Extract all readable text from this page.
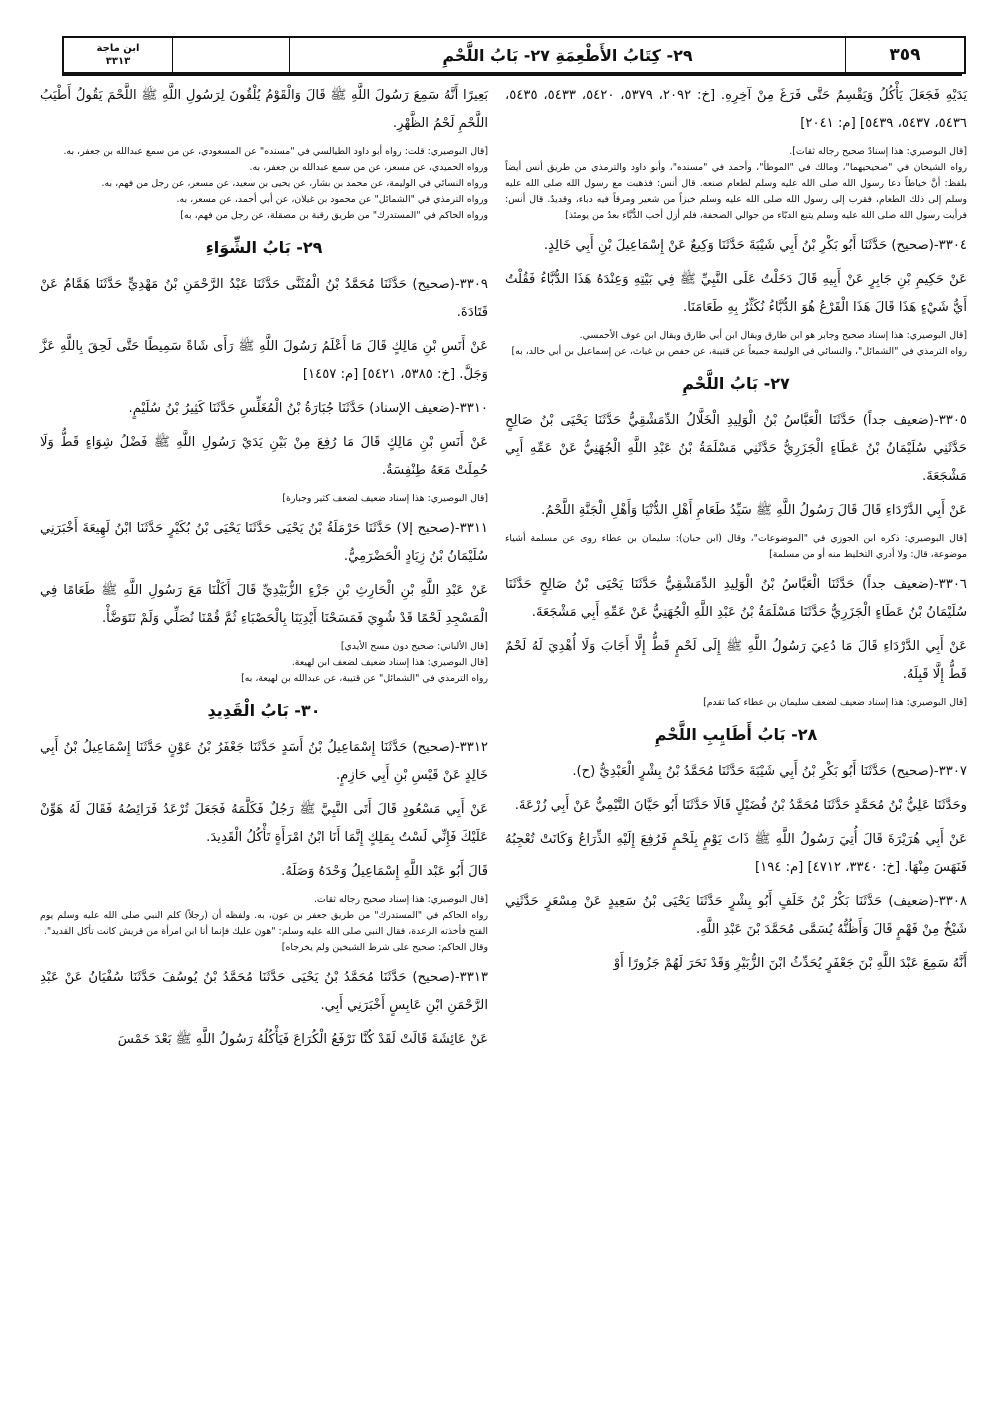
ابن ماجة
٣٣١٣	٢٩- كِتَابُ الأَطْعِمَةِ ٢٧- بَابُ اللَّحْمِ	٣٥٩

يَدَيْهِ فَجَعَلَ يَأْكُلُ وَيَقْسِمُ حَتَّى فَرَغَ مِنْ آخِرِهِ. [خ: ٢٠٩٢، ٥٣٧٩، ٥٤٢٠، ٥٤٣٣، ٥٤٣٥، ٥٤٣٦، ٥٤٣٧، ٥٤٣٩] [م: ٢٠٤١]

[قال البوصيري: هذا إسنادٌ صحيح رجاله ثقات].
رواه الشيخان في "صحيحيهما"، ومالك في "الموطأ"، وأحمد في "مسنده"، وأبو داود والترمذي من طريق أنس أيضاً بلفظ: أنَّ خياطاً دعا رسول الله صلى الله عليه وسلم لطعام صنعه. قال أنس: فذهبت مع رسول الله صلى الله عليه وسلم إلى ذلك الطعام، فقرب إلى رسول الله صلى الله عليه وسلم خبزاً من شعير ومرقاً فيه دباء، وقديدٌ. قال أنس: فرأيت رسول الله صلى الله عليه وسلم يتبع الدبّاء من حوالي الصحفة، فلم أزل أحب الدُّبَّاء بعدُ من يومئذ]

٣٣٠٤-(صحيح) حَدَّثَنَا أَبُو بَكْرِ بْنُ أَبِي شَيْبَةَ حَدَّثَنَا وَكِيعٌ عَنْ إِسْمَاعِيلَ بْنِ أَبِي خَالِدٍ.

عَنْ حَكِيمِ بْنِ جَابِرٍ عَنْ أَبِيهِ قَالَ دَخَلْتُ عَلَى النَّبِيِّ ﷺ فِي بَيْتِهِ وَعِنْدَهُ هَذَا الدُّبَّاءُ فَقُلْتُ أَيُّ شَيْءٍ هَذَا قَالَ هَذَا الْقَرْعُ هُوَ الدُّبَّاءُ نُكَثِّرُ بِهِ طَعَامَنَا.

[قال البوصيري: هذا إسناد صحيح وجابر هو ابن طارق ويقال ابن أبي طارق ويقال ابن عوف الأحمسي.
رواه الترمذي في "الشمائل"، والنسائي في الوليمة جميعاً عن قتيبة، عن حفص بن غياث، عن إسماعيل بن أبي خالد، به]
٢٧- بَابُ اللَّحْمِ

٣٣٠٥-(ضعيف جداً) حَدَّثَنَا الْعَبَّاسُ بْنُ الْوَلِيدِ الْخَلَّالُ الدِّمَشْقِيُّ حَدَّثَنَا يَحْيَى بْنُ صَالِحٍ حَدَّثَنِي سُلَيْمَانُ بْنُ عَطَاءٍ الْجَزَرِيُّ حَدَّثَنِي مَسْلَمَةُ بْنُ عَبْدِ اللَّهِ الْجُهَنِيُّ عَنْ عَمِّهِ أَبِي مَشْجَعَةَ.

عَنْ أَبِي الدَّرْدَاءِ قَالَ قَالَ رَسُولُ اللَّهِ ﷺ سَيِّدُ طَعَامِ أَهْلِ الدُّنْيَا وَأَهْلِ الْجَنَّةِ اللَّحْمُ.

[قال البوصيري: ذكره ابن الجوزي في "الموضوعات"، وقال (ابن حبان): سليمان بن عطاء روى عن مسلمة أشياء موضوعة، قال: ولا أدري التخليط منه أو من مسلمة]

٣٣٠٦-(ضعيف جداً) حَدَّثَنَا الْعَبَّاسُ بْنُ الْوَلِيدِ الدِّمَشْقِيُّ حَدَّثَنَا يَحْيَى بْنُ صَالِحٍ حَدَّثَنَا سُلَيْمَانُ بْنُ عَطَاءٍ الْجَزَرِيُّ حَدَّثَنَا مَسْلَمَةُ بْنُ عَبْدِ اللَّهِ الْجُهَنِيُّ عَنْ عَمِّهِ أَبِي مَشْجَعَةَ.

عَنْ أَبِي الدَّرْدَاءِ قَالَ مَا دُعِيَ رَسُولُ اللَّهِ ﷺ إِلَى لَحْمٍ قَطُّ إِلَّا أَجَابَ وَلَا أُهْدِيَ لَهُ لَحْمٌ قَطُّ إِلَّا قَبِلَهُ.

[قال البوصيري: هذا إسناد ضعيف لضعف سليمان بن عطاء كما تقدم]
٢٨- بَابُ أَطَايِبِ اللَّحْمِ

٣٣٠٧-(صحيح) حَدَّثَنَا أَبُو بَكْرِ بْنُ أَبِي شَيْبَةَ حَدَّثَنَا مُحَمَّدُ بْنُ بِشْرٍ الْعَبْدِيُّ (ح).

وحَدَّثَنَا عَلِيُّ بْنُ مُحَمَّدٍ حَدَّثَنَا مُحَمَّدُ بْنُ فُضَيْلٍ قَالَا حَدَّثَنَا أَبُو حَيَّانَ التَّيْمِيُّ عَنْ أَبِي زُرْعَةَ.

عَنْ أَبِي هُرَيْرَةَ قَالَ أُتِيَ رَسُولُ اللَّهِ ﷺ ذَاتَ يَوْمٍ بِلَحْمٍ فَرُفِعَ إِلَيْهِ الذِّرَاعُ وَكَانَتْ تُعْجِبُهُ فَنَهَسَ مِنْهَا. [خ: ٣٣٤٠، ٤٧١٢] [م: ١٩٤]

٣٣٠٨-(ضعيف) حَدَّثَنَا بَكْرُ بْنُ خَلَفٍ أَبُو بِشْرٍ حَدَّثَنَا يَحْيَى بْنُ سَعِيدٍ عَنْ مِسْعَرٍ حَدَّثَنِي شَيْخٌ مِنْ فَهْمٍ قَالَ وَأَظُنُّهُ يُسَمَّى مُحَمَّدَ بْنَ عَبْدِ اللَّهِ.

أَنَّهُ سَمِعَ عَبْدَ اللَّهِ بْنَ جَعْفَرٍ يُحَدِّثُ ابْنَ الزُّبَيْرِ وَقَدْ نَحَرَ لَهُمْ جَزُورًا أَوْ

بَعِيرًا أَنَّهُ سَمِعَ رَسُولَ اللَّهِ ﷺ قَالَ وَالْقَوْمُ يُلْقُونَ لِرَسُولِ اللَّهِ ﷺ اللَّحْمَ يَقُولُ أَطْيَبُ اللَّحْمِ لَحْمُ الظَّهْرِ.

[قال البوصيري: قلت: رواه أبو داود الطيالسي في "مسنده" عن المسعودي، عن من سمع عبدالله بن جعفر، به.
ورواه الحميدي، عن مسعر، عن من سمع عبدالله بن جعفر، به.
ورواه النسائي في الوليمة، عن محمد بن بشار، عن يحيى بن سعيد، عن مسعر، عن رجل من فهم، به.
ورواه الترمذي في "الشمائل" عن محمود بن غيلان، عن أبي أحمد، عن مسعر، به.
ورواه الحاكم في "المستدرك" من طريق رقبة بن مصقلة، عن رجل من فهم، به]
٢٩- بَابُ الشِّوَاءِ

٣٣٠٩-(صحيح) حَدَّثَنَا مُحَمَّدُ بْنُ الْمُثَنَّى حَدَّثَنَا عَبْدُ الرَّحْمَنِ بْنُ مَهْدِيٍّ حَدَّثَنَا هَمَّامٌ عَنْ قَتَادَةَ.

عَنْ أَنَسِ بْنِ مَالِكٍ قَالَ مَا أَعْلَمُ رَسُولَ اللَّهِ ﷺ رَأَى شَاةً سَمِيطًا حَتَّى لَحِقَ بِاللَّهِ عَزَّ وَجَلَّ. [خ: ٥٣٨٥، ٥٤٢١] [م: ١٤٥٧]

٣٣١٠-(ضعيف الإسناد) حَدَّثَنَا جُبَارَةُ بْنُ الْمُغَلِّسِ حَدَّثَنَا كَثِيرُ بْنُ سُلَيْمٍ.

عَنْ أَنَسِ بْنِ مَالِكٍ قَالَ مَا رُفِعَ مِنْ بَيْنِ يَدَيْ رَسُولِ اللَّهِ ﷺ فَضْلُ شِوَاءٍ قَطُّ وَلَا حُمِلَتْ مَعَهُ طِنْفِسَةٌ.

[قال البوصيري: هذا إسناد ضعيف لضعف كثير وجبارة]

٣٣١١-(صحيح إلا) حَدَّثَنَا حَرْمَلَةُ بْنُ يَحْيَى حَدَّثَنَا يَحْيَى بْنُ بُكَيْرٍ حَدَّثَنَا ابْنُ لَهِيعَةَ أَخْبَرَنِي سُلَيْمَانُ بْنُ زِيَادٍ الْحَضْرَمِيُّ.

عَنْ عَبْدِ اللَّهِ بْنِ الْحَارِثِ بْنِ جَزْءٍ الزُّبَيْدِيِّ قَالَ أَكَلْنَا مَعَ رَسُولِ اللَّهِ ﷺ طَعَامًا فِي الْمَسْجِدِ لَحْمًا قَدْ شُوِيَ فَمَسَحْنَا أَيْدِيَنَا بِالْحَصْبَاءِ ثُمَّ قُمْنَا نُصَلِّي وَلَمْ نَتَوَضَّأْ.

[قال الألباني: صحيح دون مسح الأيدي]
[قال البوصيري: هذا إسناد ضعيف لضعف ابن لهيعة.
رواه الترمذي في "الشمائل" عن قتيبة، عن عبدالله بن لهيعة، به]
٣٠- بَابُ الْقَدِيدِ

٣٣١٢-(صحيح) حَدَّثَنَا إِسْمَاعِيلُ بْنُ أَسَدٍ حَدَّثَنَا جَعْفَرُ بْنُ عَوْنٍ حَدَّثَنَا إِسْمَاعِيلُ بْنُ أَبِي خَالِدٍ عَنْ قَيْسِ بْنِ أَبِي حَازِمٍ.

عَنْ أَبِي مَسْعُودٍ قَالَ أَتَى النَّبِيَّ ﷺ رَجُلٌ فَكَلَّمَهُ فَجَعَلَ تُرْعَدُ فَرَائِصُهُ فَقَالَ لَهُ هَوِّنْ عَلَيْكَ فَإِنِّي لَسْتُ بِمَلِكٍ إِنَّمَا أَنَا ابْنُ امْرَأَةٍ تَأْكُلُ الْقَدِيدَ.

قَالَ أَبُو عَبْد اللَّهِ إِسْمَاعِيلُ وَحْدَهُ وَصَلَهُ.

[قال البوصيري: هذا إسناد صحيح رجاله ثقات.
رواه الحاكم في "المستدرك" من طريق جعفر بن عون، به. ولفظه أن (رجلاً) كلم النبي صلى الله عليه وسلم يوم الفتح فأخذته الرعدة، فقال النبي صلى الله عليه وسلم: "هون عليك فإنما أنا ابن امرأة من قريش كانت تأكل القديد".
وقال الحاكم: صحيح على شرط الشيخين ولم يخرجاه]

٣٣١٣-(صحيح) حَدَّثَنَا مُحَمَّدُ بْنُ يَحْيَى حَدَّثَنَا مُحَمَّدُ بْنُ يُوسُفَ حَدَّثَنَا سُفْيَانُ عَنْ عَبْدِ الرَّحْمَنِ ابْنِ عَابِسٍ أَخْبَرَنِي أَبِي.

عَنْ عَائِشَةَ قَالَتْ لَقَدْ كُنَّا نَرْفَعُ الْكُرَاعَ فَيَأْكُلُهُ رَسُولُ اللَّهِ ﷺ بَعْدَ خَمْسَ
